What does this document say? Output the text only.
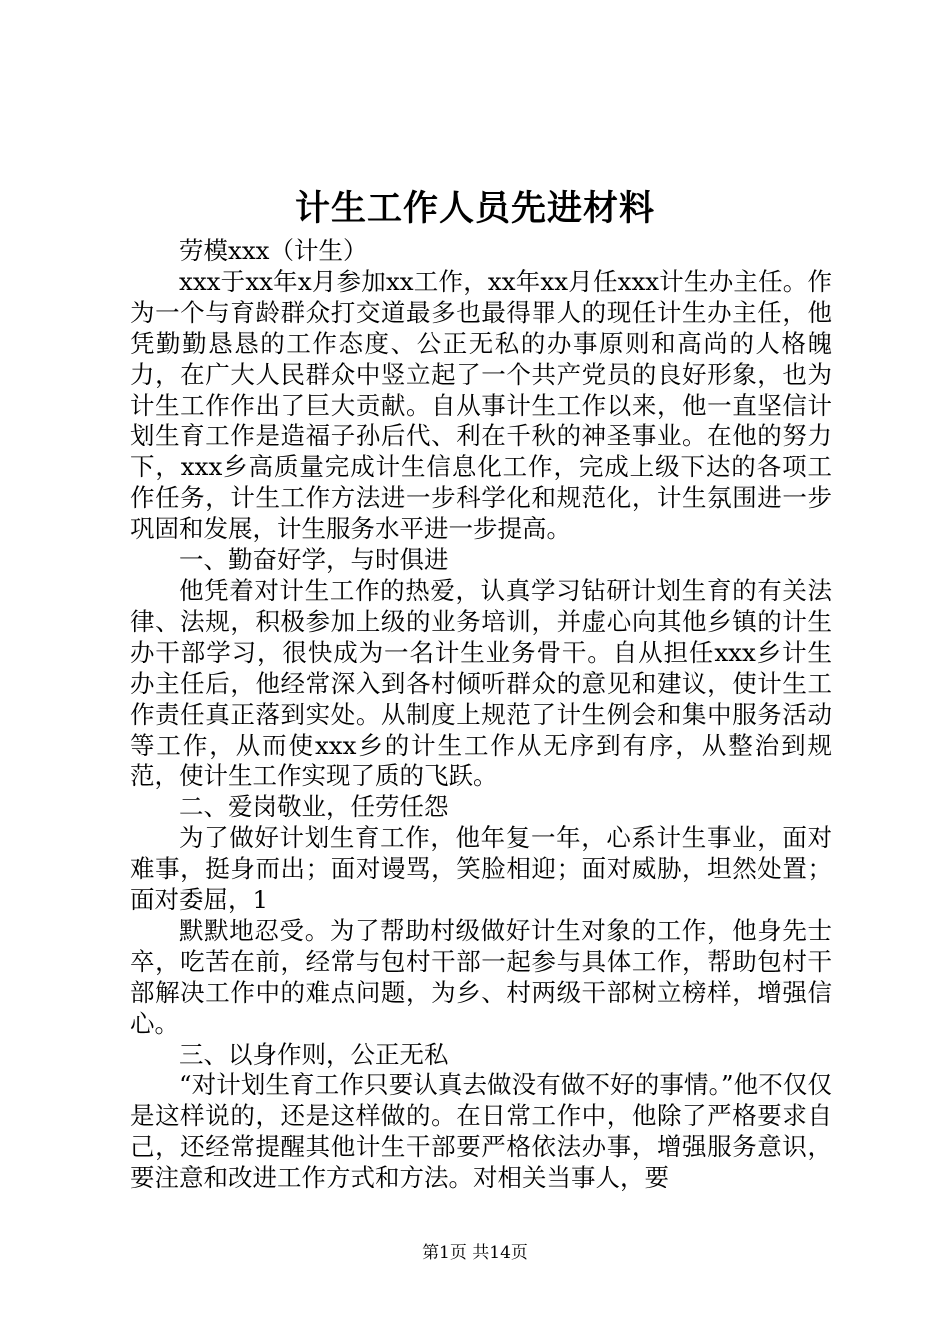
计生工作人员先进材料

劳模xxx（计生）

xxx于xx年x月参加xx工作，xx年xx月任xxx计生办主任。作为一个与育龄群众打交道最多也最得罪人的现任计生办主任，他凭勤勤恳恳的工作态度、公正无私的办事原则和高尚的人格魄力，在广大人民群众中竖立起了一个共产党员的良好形象，也为计生工作作出了巨大贡献。自从事计生工作以来，他一直坚信计划生育工作是造福子孙后代、利在千秋的神圣事业。在他的努力下，xxx乡高质量完成计生信息化工作，完成上级下达的各项工作任务，计生工作方法进一步科学化和规范化，计生氛围进一步巩固和发展，计生服务水平进一步提高。

一、勤奋好学，与时俱进

他凭着对计生工作的热爱，认真学习钻研计划生育的有关法律、法规，积极参加上级的业务培训，并虚心向其他乡镇的计生办干部学习，很快成为一名计生业务骨干。自从担任xxx乡计生办主任后，他经常深入到各村倾听群众的意见和建议，使计生工作责任真正落到实处。从制度上规范了计生例会和集中服务活动等工作，从而使xxx乡的计生工作从无序到有序，从整治到规范，使计生工作实现了质的飞跃。

二、爱岗敬业，任劳任怨

为了做好计划生育工作，他年复一年，心系计生事业，面对难事，挺身而出；面对谩骂，笑脸相迎；面对威胁，坦然处置；面对委屈，1

默默地忍受。为了帮助村级做好计生对象的工作，他身先士卒，吃苦在前，经常与包村干部一起参与具体工作，帮助包村干部解决工作中的难点问题，为乡、村两级干部树立榜样，增强信心。

三、以身作则，公正无私

“对计划生育工作只要认真去做没有做不好的事情。”他不仅仅是这样说的，还是这样做的。在日常工作中，他除了严格要求自己，还经常提醒其他计生干部要严格依法办事，增强服务意识，要注意和改进工作方式和方法。对相关当事人，要

第1页 共14页
